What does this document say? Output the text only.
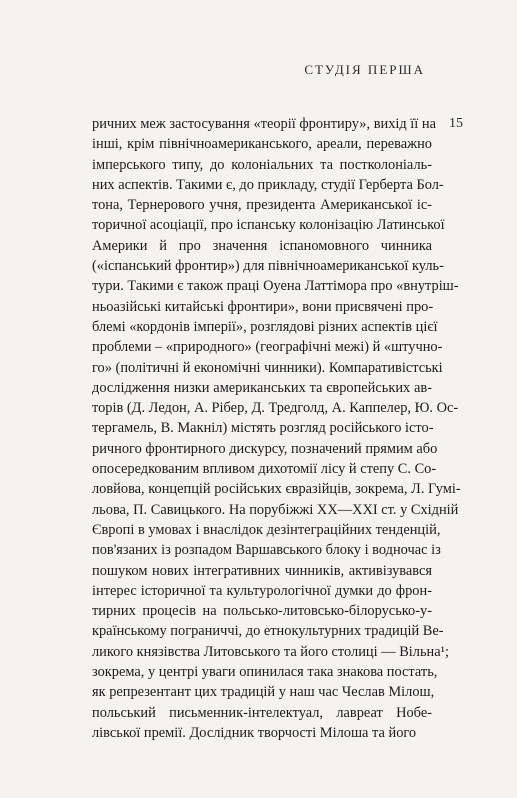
СТУДІЯ ПЕРША
15
ричних меж застосування «теорії фронтиру», вихід її на
інші, крім північноамериканського, ареали, переважно
імперського типу, до колоніальних та постколоніаль-
них аспектів. Такими є, до прикладу, студії Герберта Бол-
тона, Тернерового учня, президента Американської іс-
торичної асоціації, про іспанську колонізацію Латинської
Америки й про значення іспаномовного чинника
(«іспанський фронтир») для північноамериканської куль-
тури. Такими є також праці Оуена Латтімора про «внутріш-
ньоазійські китайські фронтири», вони присвячені про-
блемі «кордонів імперії», розглядові різних аспектів цієї
проблеми – «природного» (географічні межі) й «штучно-
го» (політичні й економічні чинники). Компаративістські
дослідження низки американських та європейських ав-
торів (Д. Ледон, А. Рібер, Д. Тредголд, А. Каппелер, Ю. Ос-
тергамель, В. Макніл) містять розгляд російського істо-
ричного фронтирного дискурсу, позначений прямим або
опосередкованим впливом дихотомії лісу й степу С. Со-
ловйова, концепцій російських євразійців, зокрема, Л. Гумі-
льова, П. Савицького. На порубіжжі XX—XXI ст. у Східній
Європі в умовах і внаслідок дезінтеграційних тенденцій,
пов'язаних із розпадом Варшавського блоку і водночас із
пошуком нових інтегративних чинників, активізувався
інтерес історичної та культурологічної думки до фрон-
тирних процесів на польсько-литовсько-білорусько-у-
країнському пограниччі, до етнокультурних традицій Ве-
ликого князівства Литовського та його столиці — Вільна¹;
зокрема, у центрі уваги опинилася така знакова постать,
як репрезентант цих традицій у наш час Чеслав Мілош,
польський письменник-інтелектуал, лавреат Нобе-
лівської премії. Дослідник творчості Мілоша та його
